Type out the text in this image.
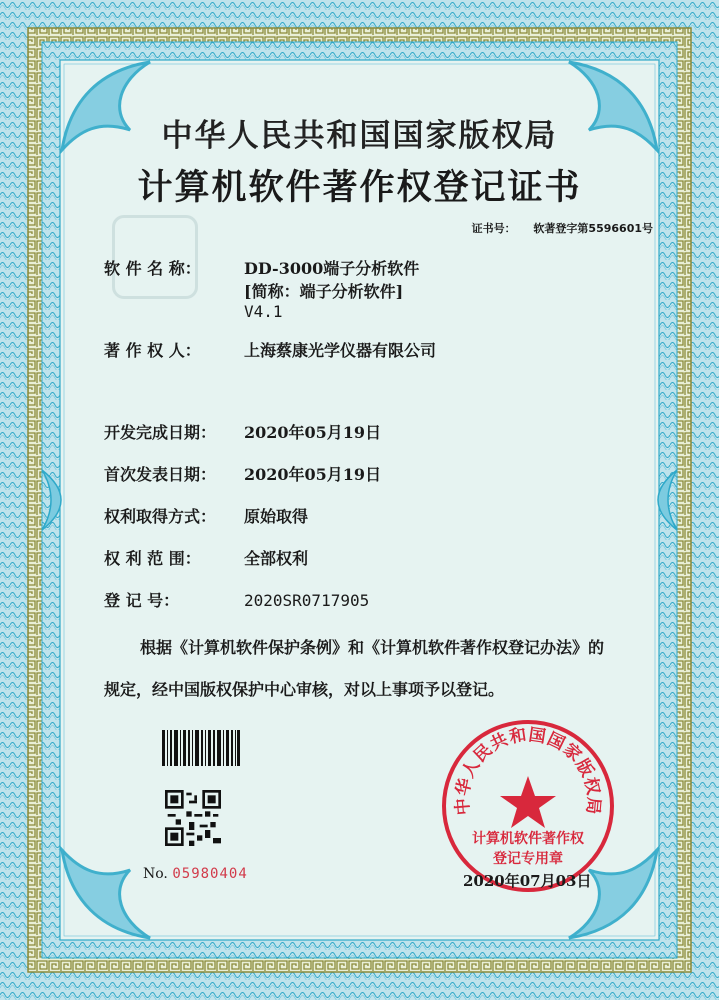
中华人民共和国国家版权局
计算机软件著作权登记证书
证书号： 软著登字第5596601号
软 件 名 称：	DD-3000端子分析软件
[简称：端子分析软件]
V4.1
著 作 权 人：	上海蔡康光学仪器有限公司
开发完成日期： 2020年05月19日
首次发表日期： 2020年05月19日
权利取得方式： 原始取得
权 利 范 围：	全部权利
登 记 号：	2020SR0717905
根据《计算机软件保护条例》和《计算机软件著作权登记办法》的
规定，经中国版权保护中心审核，对以上事项予以登记。
No. 05980404
中华人民共和国国家版权局
计算机软件著作权
登记专用章
2020年07月03日
